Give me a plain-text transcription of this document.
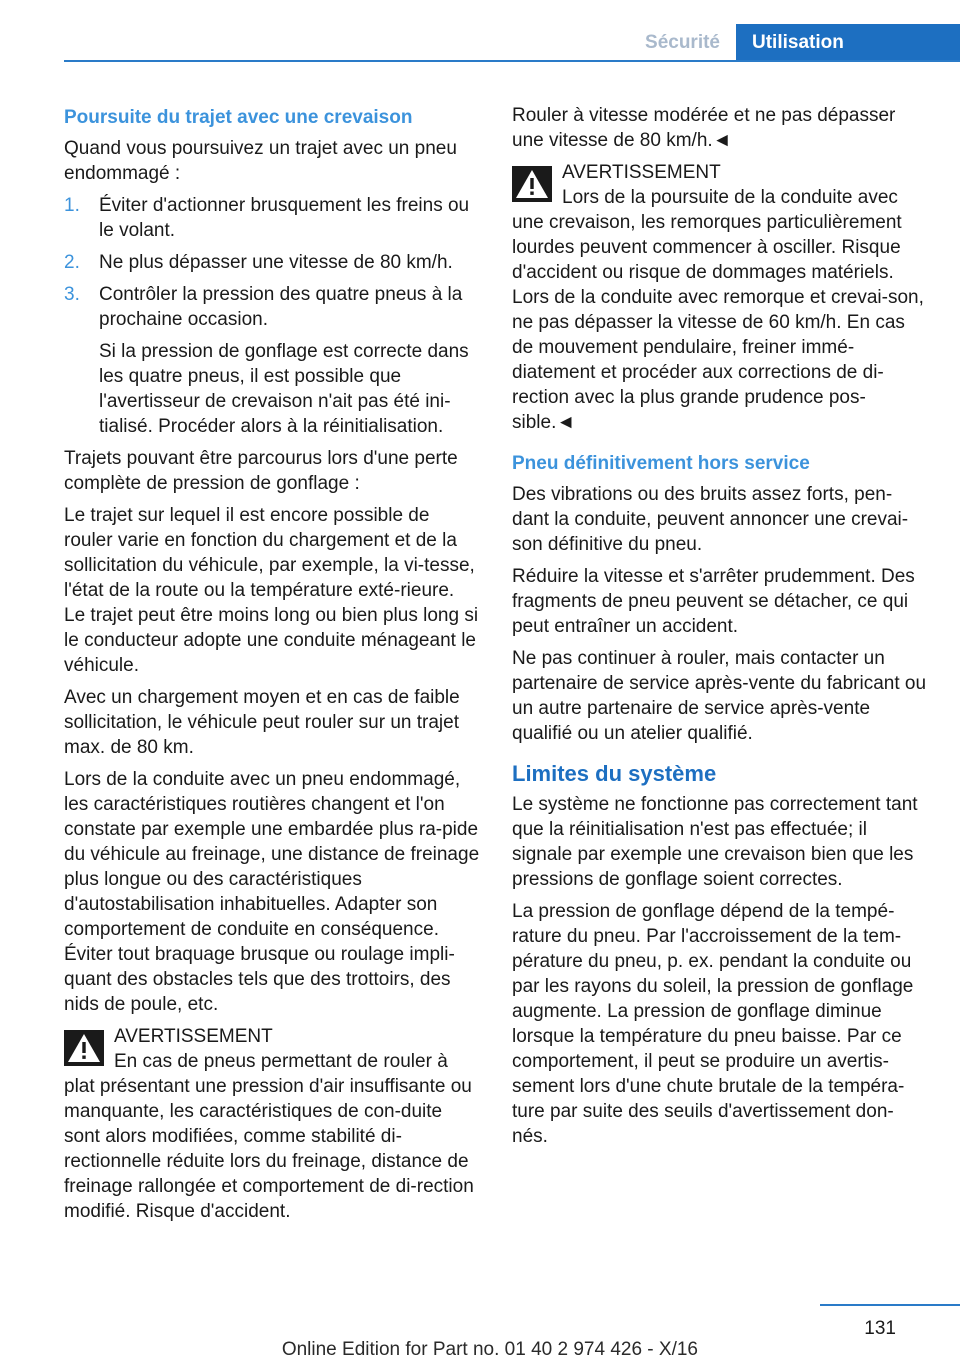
Sécurité	Utilisation
Poursuite du trajet avec une crevaison
Quand vous poursuivez un trajet avec un pneu endommagé :
1. Éviter d'actionner brusquement les freins ou le volant.
2. Ne plus dépasser une vitesse de 80 km/h.
3. Contrôler la pression des quatre pneus à la prochaine occasion.
Si la pression de gonflage est correcte dans les quatre pneus, il est possible que l'avertisseur de crevaison n'ait pas été ini‐tialisé. Procéder alors à la réinitialisation.
Trajets pouvant être parcourus lors d'une perte complète de pression de gonflage :
Le trajet sur lequel il est encore possible de rouler varie en fonction du chargement et de la sollicitation du véhicule, par exemple, la vi‐tesse, l'état de la route ou la température exté‐rieure. Le trajet peut être moins long ou bien plus long si le conducteur adopte une conduite ménageant le véhicule.
Avec un chargement moyen et en cas de faible sollicitation, le véhicule peut rouler sur un trajet max. de 80 km.
Lors de la conduite avec un pneu endommagé, les caractéristiques routières changent et l'on constate par exemple une embardée plus ra‐pide du véhicule au freinage, une distance de freinage plus longue ou des caractéristiques d'autostabilisation inhabituelles. Adapter son comportement de conduite en conséquence. Éviter tout braquage brusque ou roulage impli‐quant des obstacles tels que des trottoirs, des nids de poule, etc.
AVERTISSEMENT
En cas de pneus permettant de rouler à plat présentant une pression d'air insuffisante ou manquante, les caractéristiques de con‐duite sont alors modifiées, comme stabilité di‐rectionnelle réduite lors du freinage, distance de freinage rallongée et comportement de di‐rection modifié. Risque d'accident.
Rouler à vitesse modérée et ne pas dépasser une vitesse de 80 km/h.◄
AVERTISSEMENT
Lors de la poursuite de la conduite avec une crevaison, les remorques particulièrement lourdes peuvent commencer à osciller. Risque d'accident ou risque de dommages matériels. Lors de la conduite avec remorque et crevai‐son, ne pas dépasser la vitesse de 60 km/h. En cas de mouvement pendulaire, freiner immé‐diatement et procéder aux corrections de di‐rection avec la plus grande prudence pos‐sible.◄
Pneu définitivement hors service
Des vibrations ou des bruits assez forts, pen‐dant la conduite, peuvent annoncer une crevai‐son définitive du pneu.
Réduire la vitesse et s'arrêter prudemment. Des fragments de pneu peuvent se détacher, ce qui peut entraîner un accident.
Ne pas continuer à rouler, mais contacter un partenaire de service après-vente du fabricant ou un autre partenaire de service après-vente qualifié ou un atelier qualifié.
Limites du système
Le système ne fonctionne pas correctement tant que la réinitialisation n'est pas effectuée; il signale par exemple une crevaison bien que les pressions de gonflage soient correctes.
La pression de gonflage dépend de la tempé‐rature du pneu. Par l'accroissement de la tem‐pérature du pneu, p. ex. pendant la conduite ou par les rayons du soleil, la pression de gonflage augmente. La pression de gonflage diminue lorsque la température du pneu baisse. Par ce comportement, il peut se produire un avertis‐sement lors d'une chute brutale de la tempéra‐ture par suite des seuils d'avertissement don‐nés.
131
Online Edition for Part no. 01 40 2 974 426 - X/16
